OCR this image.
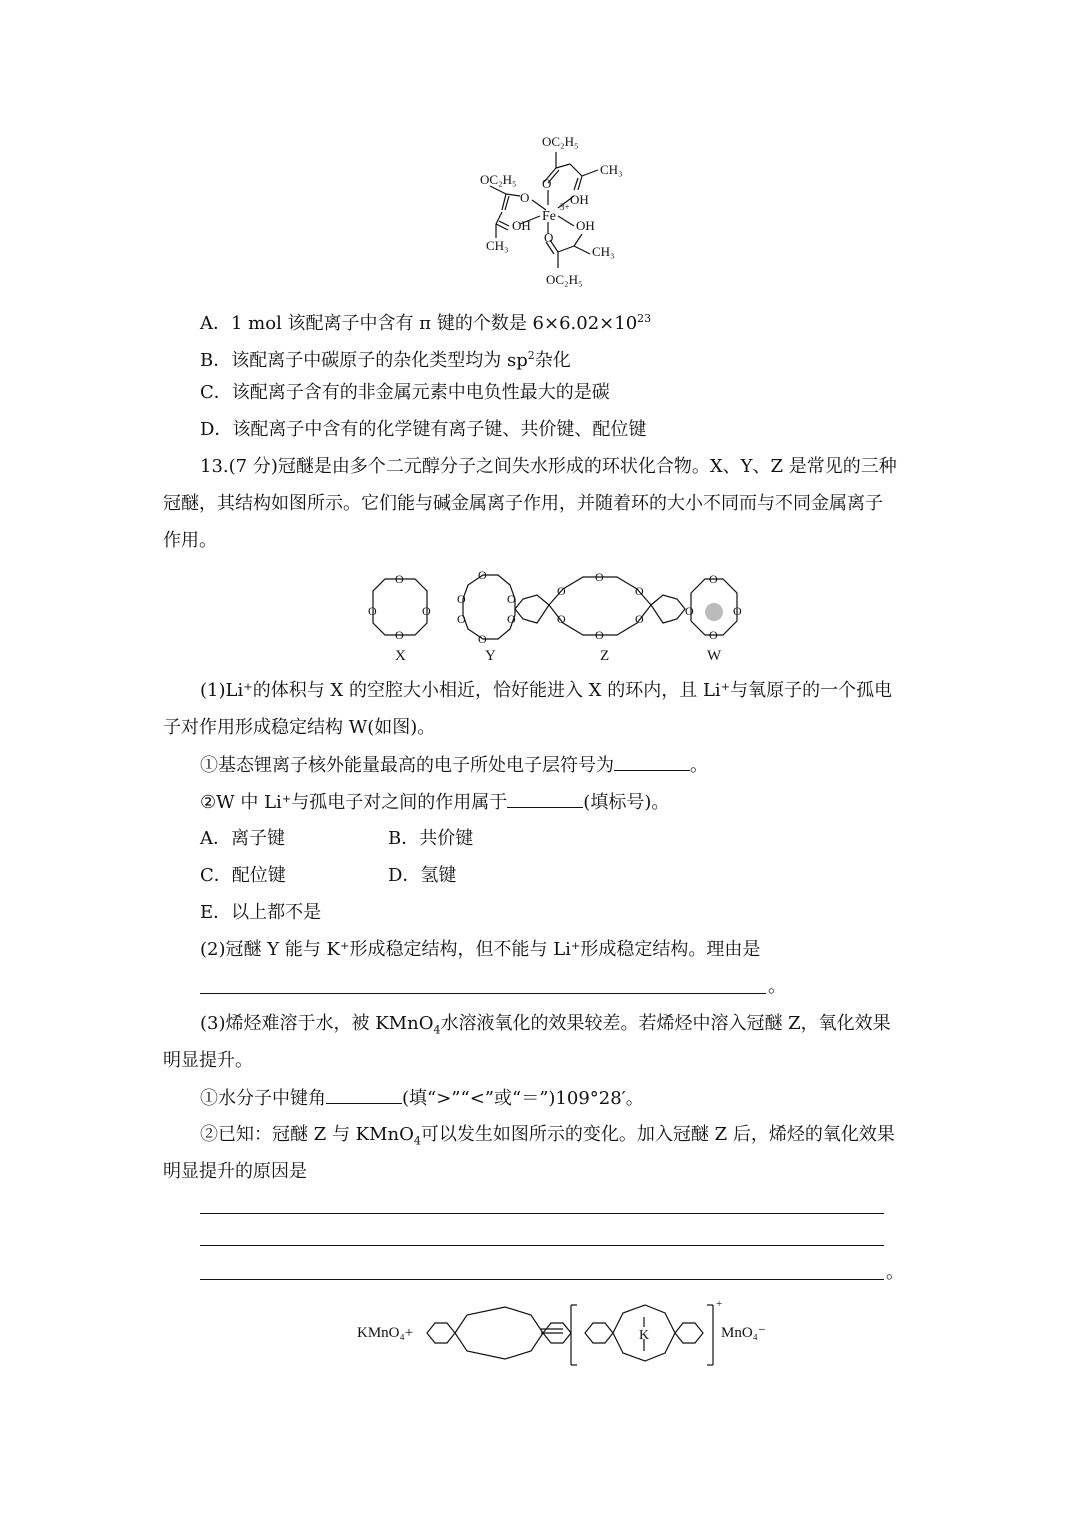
OC₂H₅
OC₂H₅
CH₃
O
OH
O
Fe
3+
OH	OH
CH₃
O
CH₃
OC₂H₅
A．1 mol 该配离子中含有 π 键的个数是 $6\times 6.02\times 10^{23}$
B．该配离子中碳原子的杂化类型均为 $sp^2$杂化
C．该配离子含有的非金属元素中电负性最大的是碳
D．该配离子中含有的化学键有离子键、共价键、配位键
13.(7 分)冠醚是由多个二元醇分子之间失水形成的环状化合物。X、Y、Z 是常见的三种
冠醚，其结构如图所示。它们能与碱金属离子作用，并随着环的大小不同而与不同金属离子
作用。
O
O
O
O
O
O
O
O
O
O
O
O	O
O	O
O
O
O	O
O
X	Y	Z	W
(1)Li⁺的体积与 X 的空腔大小相近，恰好能进入 X 的环内，且 Li⁺与氧原子的一个孤电
子对作用形成稳定结构 W(如图)。
①基态锂离子核外能量最高的电子所处电子层符号为	。
②W 中 Li⁺与孤电子对之间的作用属于	(填标号)。
A．离子键	B．共价键
C．配位键	D．氢键
E．以上都不是
(2)冠醚 Y 能与 K⁺形成稳定结构，但不能与 Li⁺形成稳定结构。理由是
。
(3)烯烃难溶于水，被 KMnO$_4$水溶液氧化的效果较差。若烯烃中溶入冠醚 Z，氧化效果
明显提升。
①水分子中键角	(填“>”“<”或“＝”)109°28′。
②已知：冠醚 Z 与 KMnO$_4$可以发生如图所示的变化。加入冠醚 Z 后，烯烃的氧化效果
明显提升的原因是
。
KMnO₄+	K
+
MnO₄⁻
